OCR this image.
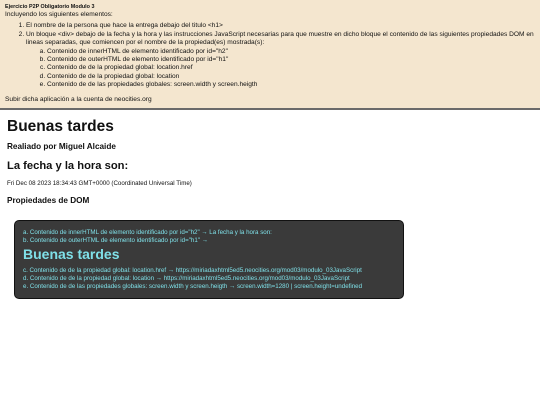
Ejercicio P2P Obligatorio Modulo 3
Incluyendo los siguientes elementos:
1. El nombre de la persona que hace la entrega debajo del titulo <h1>
2. Un bloque <div> debajo de la fecha y la hora y las instrucciones JavaScript necesarias para que muestre en dicho bloque el contenido de las siguientes propiedades DOM en lineas separadas, que comiencen por el nombre de la propiedad(es) mostrada(s):
a. Contenido de innerHTML de elemento identificado por id="h2"
b. Contenido de outerHTML de elemento identificado por id="h1"
c. Contenido de de la propiedad global: location.href
d. Contenido de de la propiedad global: location
e. Contenido de de las propiedades globales: screen.width y screen.heigth
Subir dicha aplicación a la cuenta de neocities.org
Buenas tardes
Realiado por Miguel Alcaide
La fecha y la hora son:

Fri Dec 08 2023 18:34:43 GMT+0000 (Coordinated Universal Time)

Propiedades de DOM
a. Contenido de innerHTML de elemento identificado por id="h2" → La fecha y la hora son:
b. Contenido de outerHTML de elemento identificado por id="h1" →
Buenas tardes
c. Contenido de de la propiedad global: location.href → https://miriadaxhtml5ed5.neocities.org/mod03/modulo_03JavaScript
d. Contenido de de la propiedad global: location → https://miriadaxhtml5ed5.neocities.org/mod03/modulo_03JavaScript
e. Contenido de de las propiedades globales: screen.width y screen.heigth → screen.width=1280 | screen.height=undefined
